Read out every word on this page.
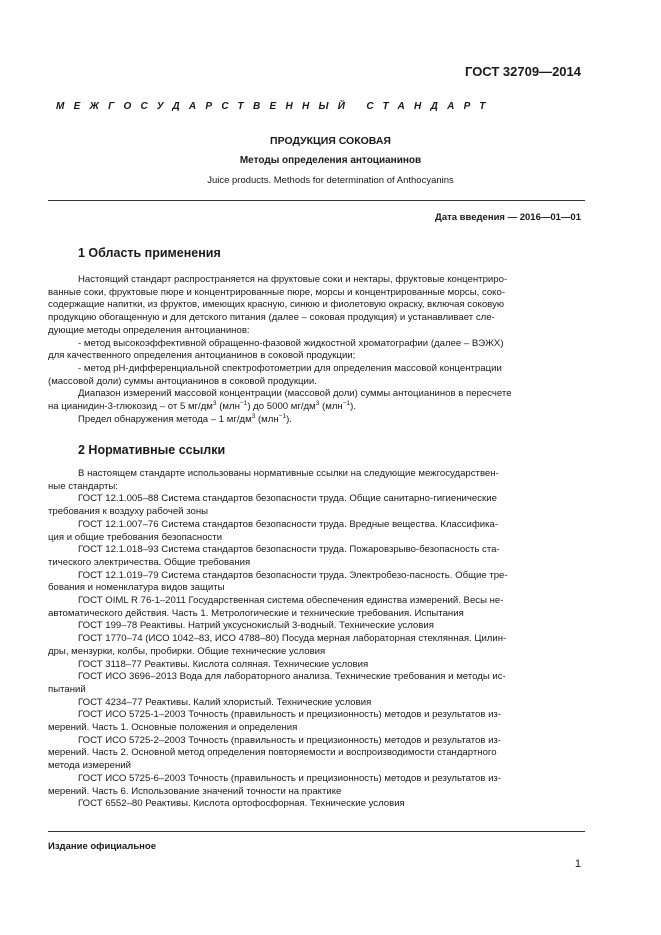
ГОСТ 32709—2014
МЕЖГОСУДАРСТВЕННЫЙ СТАНДАРТ
ПРОДУКЦИЯ СОКОВАЯ
Методы определения антоцианинов
Juice products. Methods for determination of Anthocyanins
Дата введения — 2016—01—01
1 Область применения
Настоящий стандарт распространяется на фруктовые соки и нектары, фруктовые концентриро-
ванные соки, фруктовые пюре и концентрированные пюре, морсы и концентрированные морсы, соко-
содержащие напитки, из фруктов, имеющих красную, синюю и фиолетовую окраску, включая соковую
продукцию обогащенную и для детского питания (далее – соковая продукция) и устанавливает сле-
дующие методы определения антоцианинов:
- метод высокоэффективной обращенно-фазовой жидкостной хроматографии (далее – ВЭЖХ)
для качественного определения антоцианинов в соковой продукции;
- метод pH-дифференциальной спектрофотометрии для определения массовой концентрации
(массовой доли) суммы антоцианинов в соковой продукции.
Диапазон измерений массовой концентрации (массовой доли) суммы антоцианинов в пересчете
на цианидин-3-глюкозид – от 5 $мг/дм^3$ (млн$^{-1}$) до 5000 $мг/дм^3$ (млн$^{-1}$).
Предел обнаружения метода – 1 $мг/дм^3$ (млн$^{-1}$).
2 Нормативные ссылки
В настоящем стандарте использованы нормативные ссылки на следующие межгосударствен-
ные стандарты:
ГОСТ 12.1.005–88 Система стандартов безопасности труда. Общие санитарно-гигиенические
требования к воздуху рабочей зоны
ГОСТ 12.1.007–76 Система стандартов безопасности труда. Вредные вещества. Классифика-
ция и общие требования безопасности
ГОСТ 12.1.018–93 Система стандартов безопасности труда. Пожаровзрыво-безопасность ста-
тического электричества. Общие требования
ГОСТ 12.1.019–79 Система стандартов безопасности труда. Электробезо-пасность. Общие тре-
бования и номенклатура видов защиты
ГОСТ OIML R 76-1–2011 Государственная система обеспечения единства измерений. Весы не-
автоматического действия. Часть 1. Метрологические и технические требования. Испытания
ГОСТ 199–78 Реактивы. Натрий уксуснокислый 3-водный. Технические условия
ГОСТ 1770–74 (ИСО 1042–83, ИСО 4788–80) Посуда мерная лабораторная стеклянная. Цилин-
дры, мензурки, колбы, пробирки. Общие технические условия
ГОСТ 3118–77 Реактивы. Кислота соляная. Технические условия
ГОСТ ИСО 3696–2013 Вода для лабораторного анализа. Технические требования и методы ис-
пытаний
ГОСТ 4234–77 Реактивы. Калий хлористый. Технические условия
ГОСТ ИСО 5725-1–2003 Точность (правильность и прецизионность) методов и результатов из-
мерений. Часть 1. Основные положения и определения
ГОСТ ИСО 5725-2–2003 Точность (правильность и прецизионность) методов и результатов из-
мерений. Часть 2. Основной метод определения повторяемости и воспроизводимости стандартного
метода измерений
ГОСТ ИСО 5725-6–2003 Точность (правильность и прецизионность) методов и результатов из-
мерений. Часть 6. Использование значений точности на практике
ГОСТ 6552–80 Реактивы. Кислота ортофосфорная. Технические условия
Издание официальное
1
